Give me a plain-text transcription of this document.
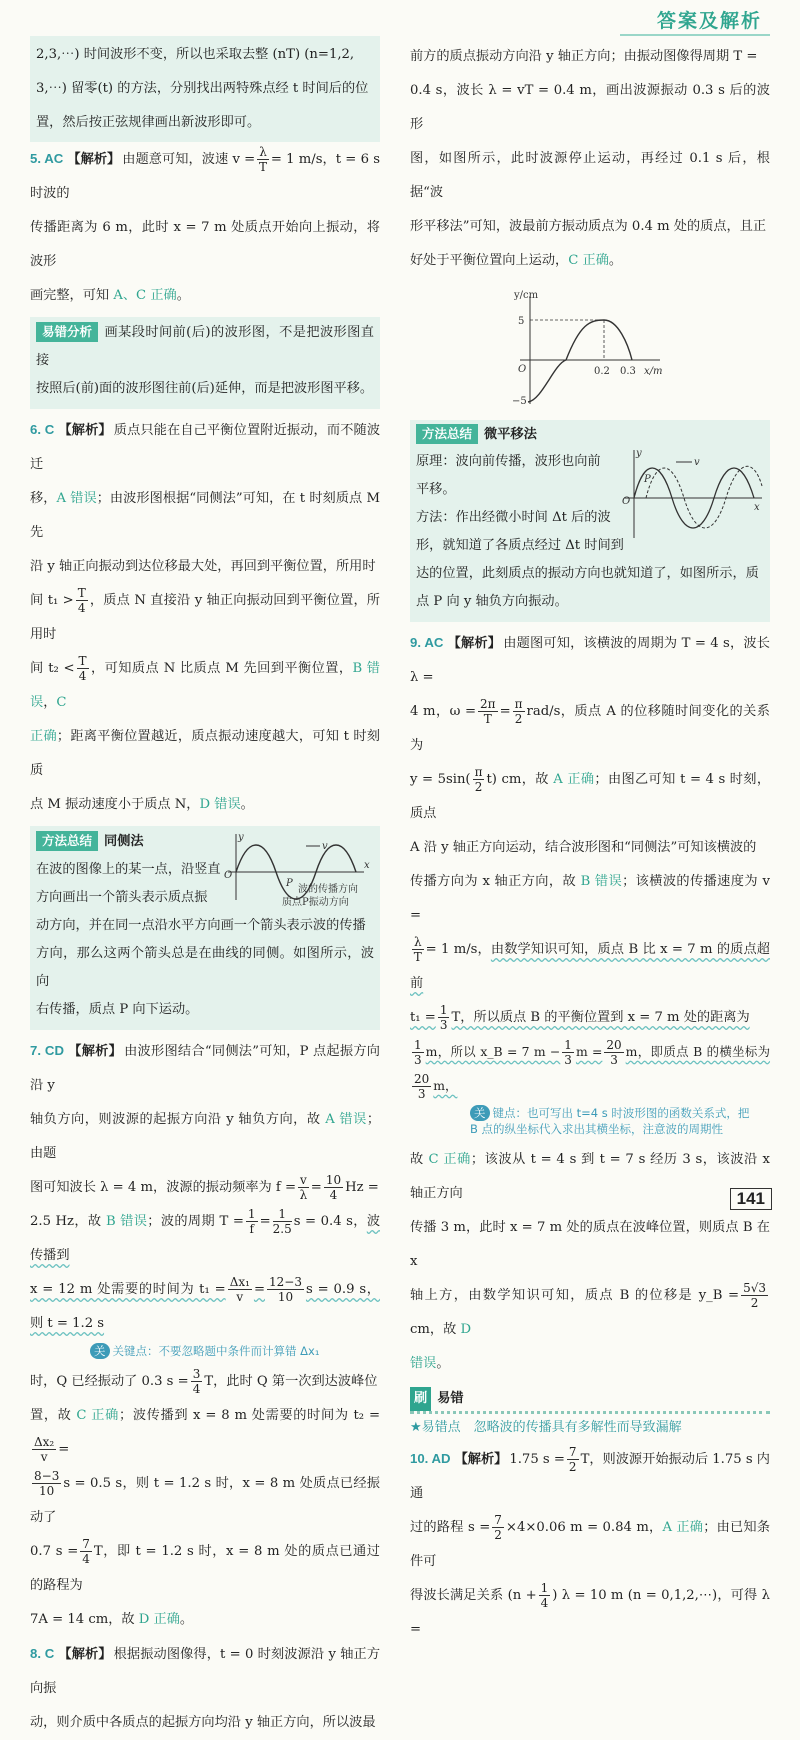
答案及解析

2,3,⋯) 时间波形不变，所以也采取去整 (nT) (n=1,2,

3,⋯) 留零(t) 的方法，分别找出两特殊点经 t 时间后的位

置，然后按正弦规律画出新波形即可。

5. AC 【解析】 由题意可知，波速 $v = \frac{\lambda}{T} = 1$ m/s，t = 6 s 时波的

传播距离为 6 m，此时 x = 7 m 处质点开始向上振动，将波形

画完整，可知 A、C 正确。

易错分析 画某段时间前(后)的波形图，不是把波形图直接

按照后(前)面的波形图往前(后)延伸，而是把波形图平移。

6. C 【解析】 质点只能在自己平衡位置附近振动，而不随波迁

移，A 错误；由波形图根据“同侧法”可知，在 t 时刻质点 M 先

沿 y 轴正向振动到达位移最大处，再回到平衡位置，所用时

间 $t_1 > \frac{T}{4}$ ，质点 N 直接沿 y 轴正向振动回到平衡位置，所用时

间 $t_2 < \frac{T}{4}$ ，可知质点 N 比质点 M 先回到平衡位置，B 错误，C

正确；距离平衡位置越近，质点振动速度越大，可知 t 时刻质

点 M 振动速度小于质点 N，D 错误。

y
O
x
P
v
波的传播方向
质点P振动方向

方法总结 同侧法

在波的图像上的某一点，沿竖直

方向画出一个箭头表示质点振

动方向，并在同一点沿水平方向画一个箭头表示波的传播

方向，那么这两个箭头总是在曲线的同侧。如图所示，波向

右传播，质点 P 向下运动。

7. CD 【解析】 由波形图结合“同侧法”可知，P 点起振方向沿 y

轴负方向，则波源的起振方向沿 y 轴负方向，故 A 错误；由题

图可知波长 λ = 4 m，波源的振动频率为 $f = \frac{v}{\lambda} = \frac{10}{4}$ Hz =

2.5 Hz，故 B 错误；波的周期 $T = \frac{1}{f} = \frac{1}{2.5}$ s = 0.4 s，波传播到

x = 12 m 处需要的时间为 $t_1 = \frac{\text{Δx₁}}{v} = \frac{12-3}{10}$ s = 0.9 s，则 t = 1.2 s

关 关键点：不要忽略题中条件而计算错 Δx₁

时，Q 已经振动了 0.3 $s = \frac{3}{4}$ T，此时 Q 第一次到达波峰位

置，故 C 正确；波传播到 x = 8 m 处需要的时间为 t₂ =
$\frac{\text{Δx₂}}{v}$ =

$\frac{8-3}{10}$ s = 0.5 s，则 t = 1.2 s 时，x = 8 m 处质点已经振动了

0.7 $s = \frac{7}{4}$ T，即 t = 1.2 s 时，x = 8 m 处的质点已通过的路程为

7A = 14 cm，故 D 正确。

8. C 【解析】 根据振动图像得，t = 0 时刻波源沿 y 轴正方向振

动，则介质中各质点的起振方向均沿 y 轴正方向，所以波最

前方的质点振动方向沿 y 轴正方向；由振动图像得周期 T =

0.4 s，波长 λ = vT = 0.4 m，画出波源振动 0.3 s 后的波形

图，如图所示，此时波源停止运动，再经过 0.1 s 后，根据“波

形平移法”可知，波最前方振动质点为 0.4 m 处的质点，且正

好处于平衡位置向上运动，C 正确。

y/cm
x/m
O
5
−5
0.2 0.3
y
O
P
v
x

方法总结 微平移法

原理：波向前传播，波形也向前

平移。

方法：作出经微小时间 Δt 后的波

形，就知道了各质点经过 Δt 时间到

达的位置，此刻质点的振动方向也就知道了，如图所示，质

点 P 向 y 轴负方向振动。

9. AC 【解析】 由题图可知，该横波的周期为 T = 4 s，波长 λ =

4 m，$\omega = \frac{2\pi}{T} = \frac{\pi}{2} rad/s$，质点 A 的位移随时间变化的关系为

$y = 5\sin( \frac{\pi}{2} t)$ cm，故 A 正确；由图乙可知 t = 4 s 时刻，质点

A 沿 y 轴正方向运动，结合波形图和“同侧法”可知该横波的

传播方向为 x 轴正方向，故 B 错误；该横波的传播速度为 v =

$\frac{\lambda}{T} = 1$ m/s，由数学知识可知，质点 B 比 x = 7 m 的质点超前

$t_1 = \frac{1}{3}$ T，所以质点 B 的平衡位置到 x = 7 m 处的距离为

$\frac{1}{3}$ m，所以 x_B = 7 $m - \frac{1}{3}$ $m = \frac{20}{3}$ m，即质点 B 的横坐标为
$\frac{20}{3}$ m，

关 键点：也可写出 t=4 s 时波形图的函数关系式，把
B 点的纵坐标代入求出其横坐标，注意波的周期性

故 C 正确；该波从 t = 4 s 到 t = 7 s 经历 3 s，该波沿 x 轴正方向

传播 3 m，此时 x = 7 m 处的质点在波峰位置，则质点 B 在 x

轴上方，由数学知识可知，质点 B 的位移是 y_B = $\frac{5√3}{2}$
cm，故 D

错误。

刷 易错
★易错点　忽略波的传播具有多解性而导致漏解

10. AD 【解析】 1.75 $s = \frac{7}{2}$ T，则波源开始振动后 1.75 s 内通

过的路程 $s = \frac{7}{2} \times 4\times 0.06$ m = 0.84 m，A 正确；由已知条件可

得波长满足关系 ($n + \frac{1}{4}$ ) λ = 10 m (n = 0,1,2,⋯)，可得 λ =

141
